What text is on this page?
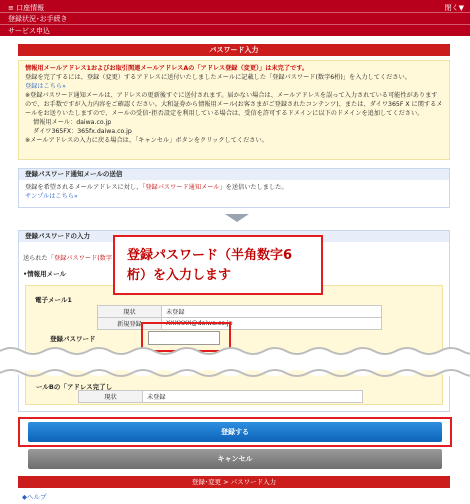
≡ 口座情報	閉く▼
登録状況･お手続き
サービス申込
パスワード入力
情報用メールアドレス1およびお取引関連メールアドレスAの「アドレス登録（変更）」は未完了です。
登録を完了するには、登録（変更）するアドレスに送付いたしましたメールに記載した「登録パスワード(数字6桁)」を入力してください。
登録はこちら»
※登録パスワード通知メールは、アドレスの更新後すぐに送付されます。届かない場合は、メールアドレスを誤って入力されている可能性がありますので、お手数ですが入力内容をご確認ください。大和証券から情報用メール(お客さまがご登録されたコンテンツ)、または、ダイワ365F X に関するメールをお送りいたしますので、メールの受信･拒否設定を利用している場合は、受信を許可するドメインに以下のドメインを追加してください。
情報用メール：daiwa.co.jp
ダイワ365FX：365fx.daiwa.co.jp
※メールアドレスの入力に戻る場合は、「キャンセル」ボタンをクリックしてください。
登録パスワード通知メールの送信
登録を希望されるメールアドレスに対し、「登録パスワード通知メール」を送信いたしました。
サンプルはこちら»
登録パスワードの入力
送られた「登録パスワード(数字
•情報用メール
電子メール1
現状	未登録
新規登録	XXXXXX@daiwa.co.jp
登録パスワード
ールBの「アドレス完了し
現状	未登録
登録パスワード（半角数字6桁）を入力します
登録する
キャンセル
登録･変更 > パスワード入力
◆ヘルプ
